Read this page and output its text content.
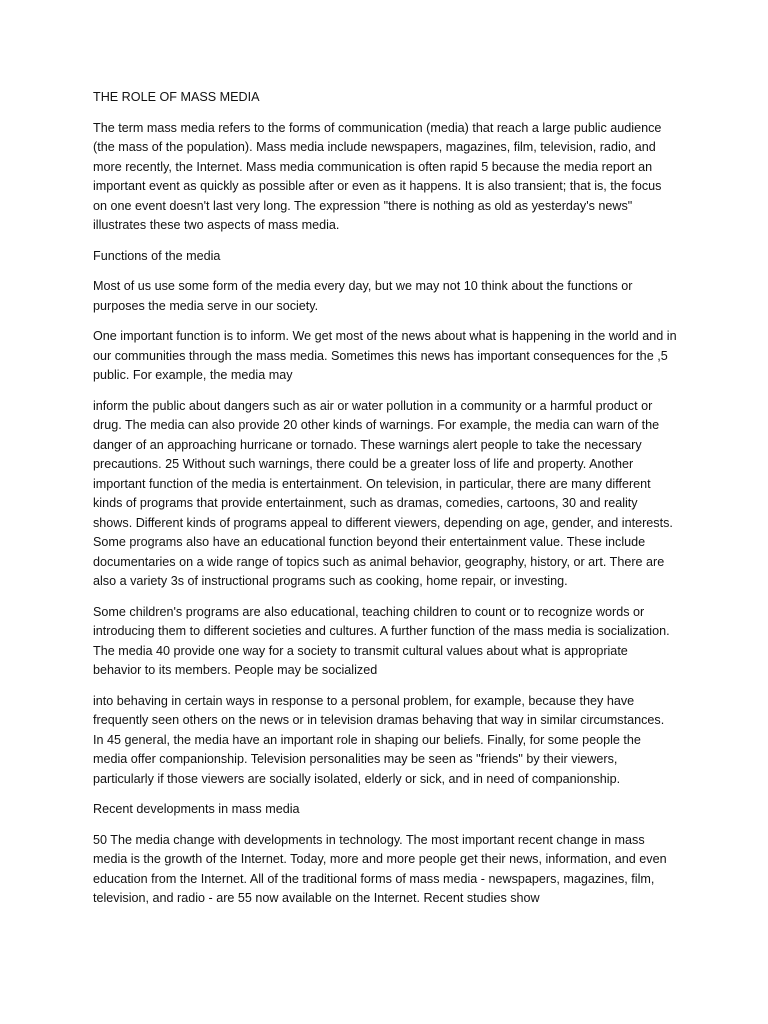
THE ROLE OF MASS MEDIA

The term mass media refers to the forms of communication (media) that reach a large public audience (the mass of the population). Mass media include newspapers, magazines, film, television, radio, and more recently, the Internet. Mass media communication is often rapid 5 because the media report an important event as quickly as possible after or even as it happens. It is also transient; that is, the focus on one event doesn't last very long. The expression "there is nothing as old as yesterday's news" illustrates these two aspects of mass media.

Functions of the media

Most of us use some form of the media every day, but we may not 10 think about the functions or purposes the media serve in our society.

One important function is to inform. We get most of the news about what is happening in the world and in our communities through the mass media. Sometimes this news has important consequences for the ,5 public. For example, the media may

inform the public about dangers such as air or water pollution in a community or a harmful product or drug. The media can also provide 20 other kinds of warnings. For example, the media can warn of the danger of an approaching hurricane or tornado. These warnings alert people to take the necessary precautions. 25 Without such warnings, there could be a greater loss of life and property. Another important function of the media is entertainment. On television, in particular, there are many different kinds of programs that provide entertainment, such as dramas, comedies, cartoons, 30 and reality shows. Different kinds of programs appeal to different viewers, depending on age, gender, and interests. Some programs also have an educational function beyond their entertainment value. These include documentaries on a wide range of topics such as animal behavior, geography, history, or art. There are also a variety 3s of instructional programs such as cooking, home repair, or investing.

Some children's programs are also educational, teaching children to count or to recognize words or introducing them to different societies and cultures. A further function of the mass media is socialization. The media 40 provide one way for a society to transmit cultural values about what is appropriate behavior to its members. People may be socialized

into behaving in certain ways in response to a personal problem, for example, because they have frequently seen others on the news or in television dramas behaving that way in similar circumstances. In 45 general, the media have an important role in shaping our beliefs. Finally, for some people the media offer companionship. Television personalities may be seen as "friends" by their viewers, particularly if those viewers are socially isolated, elderly or sick, and in need of companionship.

Recent developments in mass media

50 The media change with developments in technology. The most important recent change in mass media is the growth of the Internet. Today, more and more people get their news, information, and even education from the Internet. All of the traditional forms of mass media - newspapers, magazines, film, television, and radio - are 55 now available on the Internet. Recent studies show
